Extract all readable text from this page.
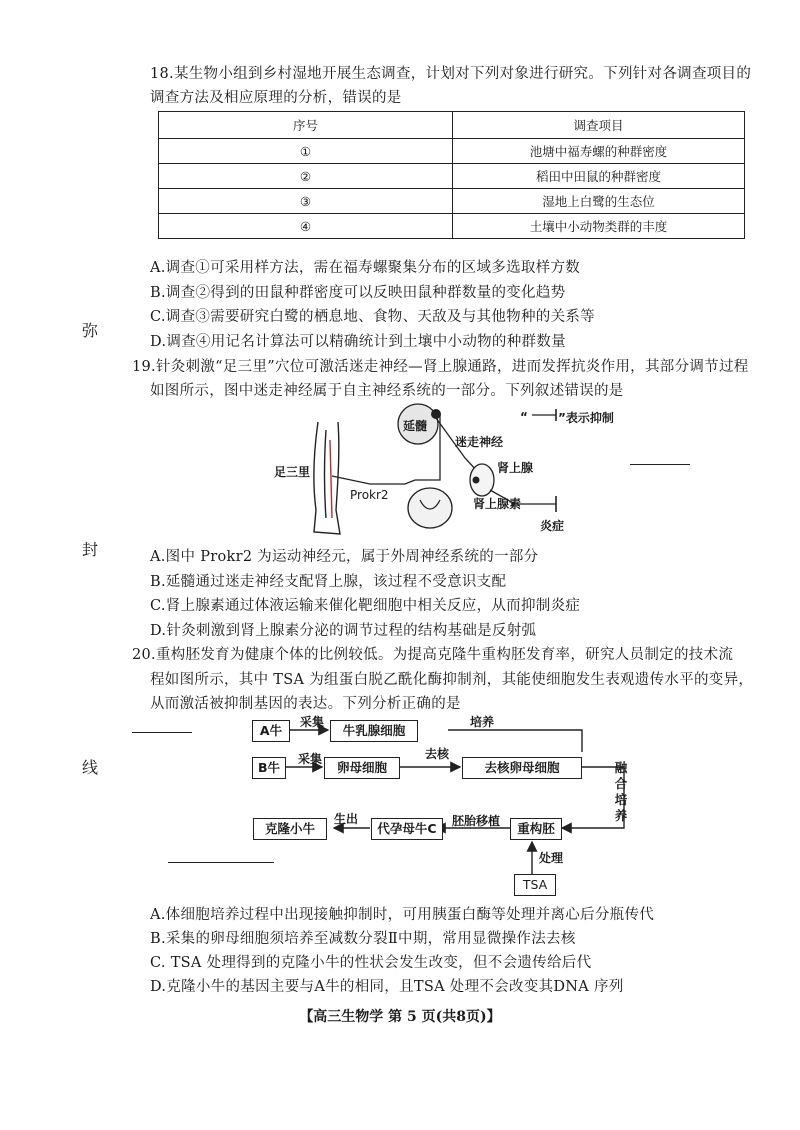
18.某生物小组到乡村湿地开展生态调查，计划对下列对象进行研究。下列针对各调查项目的
调查方法及相应原理的分析，错误的是
序号	调查项目
①	池塘中福寿螺的种群密度
②	稻田中田鼠的种群密度
③	湿地上白鹭的生态位
④	土壤中小动物类群的丰度
A.调查①可采用样方法，需在福寿螺聚集分布的区域多选取样方数
B.调查②得到的田鼠种群密度可以反映田鼠种群数量的变化趋势
C.调查③需要研究白鹭的栖息地、食物、天敌及与其他物种的关系等
D.调查④用记名计算法可以精确统计到土壤中小动物的种群数量
弥
19.针灸刺激“足三里”穴位可激活迷走神经—肾上腺通路，进而发挥抗炎作用，其部分调节过程
如图所示，图中迷走神经属于自主神经系统的一部分。下列叙述错误的是
“	”表示抑制
延髓
迷走神经
肾上腺
足三里
Prokr2
肾上腺素
炎症
封	A.图中 Prokr2 为运动神经元，属于外周神经系统的一部分
B.延髓通过迷走神经支配肾上腺，该过程不受意识支配
C.肾上腺素通过体液运输来催化靶细胞中相关反应，从而抑制炎症
D.针灸刺激到肾上腺素分泌的调节过程的结构基础是反射弧
20.重构胚发育为健康个体的比例较低。为提高克隆牛重构胚发育率，研究人员制定的技术流
程如图所示，其中 TSA 为组蛋白脱乙酰化酶抑制剂，其能使细胞发生表观遗传水平的变异，
从而激活被抑制基因的表达。下列分析正确的是
线
A牛
采集
牛乳腺细胞
培养
B牛
采集
卵母细胞
去核
去核卵母细胞	融合培养
克隆小牛
生出
代孕母牛C	胚胎移植	重构胚
处理
TSA
A.体细胞培养过程中出现接触抑制时，可用胰蛋白酶等处理并离心后分瓶传代
B.采集的卵母细胞须培养至减数分裂Ⅱ中期，常用显微操作法去核
C. TSA 处理得到的克隆小牛的性状会发生改变，但不会遗传给后代
D.克隆小牛的基因主要与A牛的相同，且TSA 处理不会改变其DNA 序列
【高三生物学 第 5 页(共8页)】
